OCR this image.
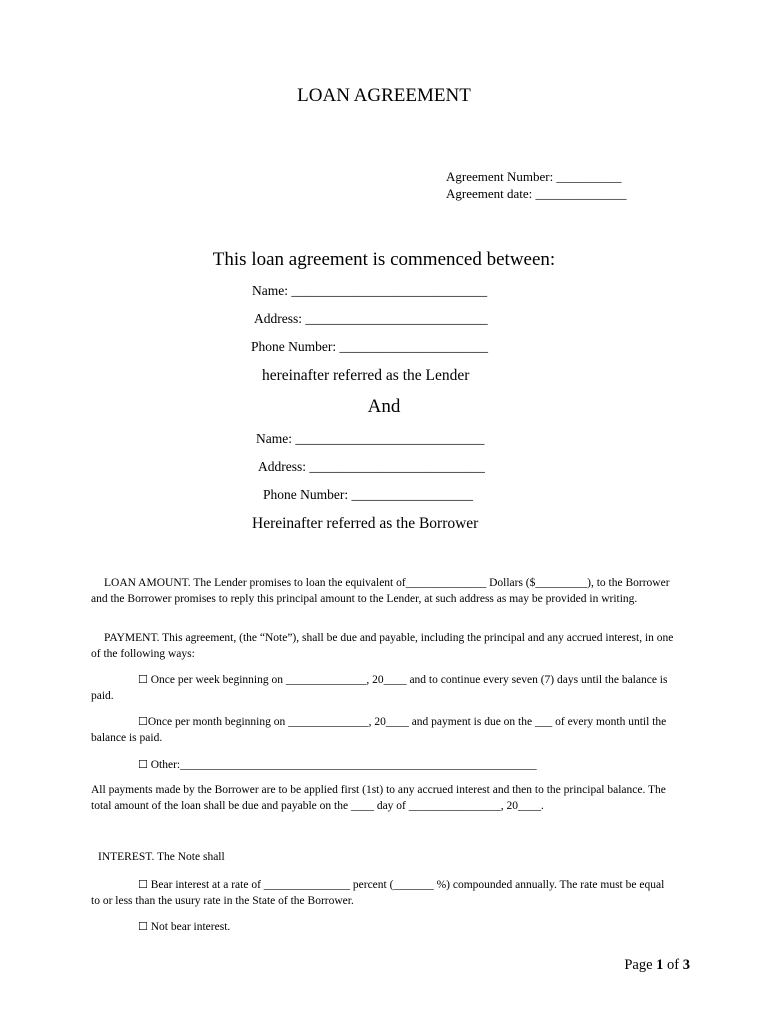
LOAN AGREEMENT
Agreement Number: __________
Agreement date: ______________
This loan agreement is commenced between:
Name: _____________________________
Address: ___________________________
Phone Number: ______________________
hereinafter referred as the Lender
And
Name: ____________________________
Address: __________________________
Phone Number: __________________
Hereinafter referred as the Borrower
LOAN AMOUNT. The Lender promises to loan the equivalent of______________ Dollars ($_________), to the Borrower and the Borrower promises to reply this principal amount to the Lender, at such address as may be provided in writing.
PAYMENT. This agreement, (the “Note”), shall be due and payable, including the principal and any accrued interest, in one of the following ways:
☐ Once per week beginning on ______________, 20____ and to continue every seven (7) days until the balance is paid.
☐Once per month beginning on ______________, 20____ and payment is due on the ___ of every month until the balance is paid.
☐ Other:______________________________________________________________
All payments made by the Borrower are to be applied first (1st) to any accrued interest and then to the principal balance. The total amount of the loan shall be due and payable on the ____ day of ________________, 20____.
INTEREST. The Note shall
☐ Bear interest at a rate of _______________ percent (_______ %) compounded annually. The rate must be equal to or less than the usury rate in the State of the Borrower.
☐ Not bear interest.
Page 1 of 3
